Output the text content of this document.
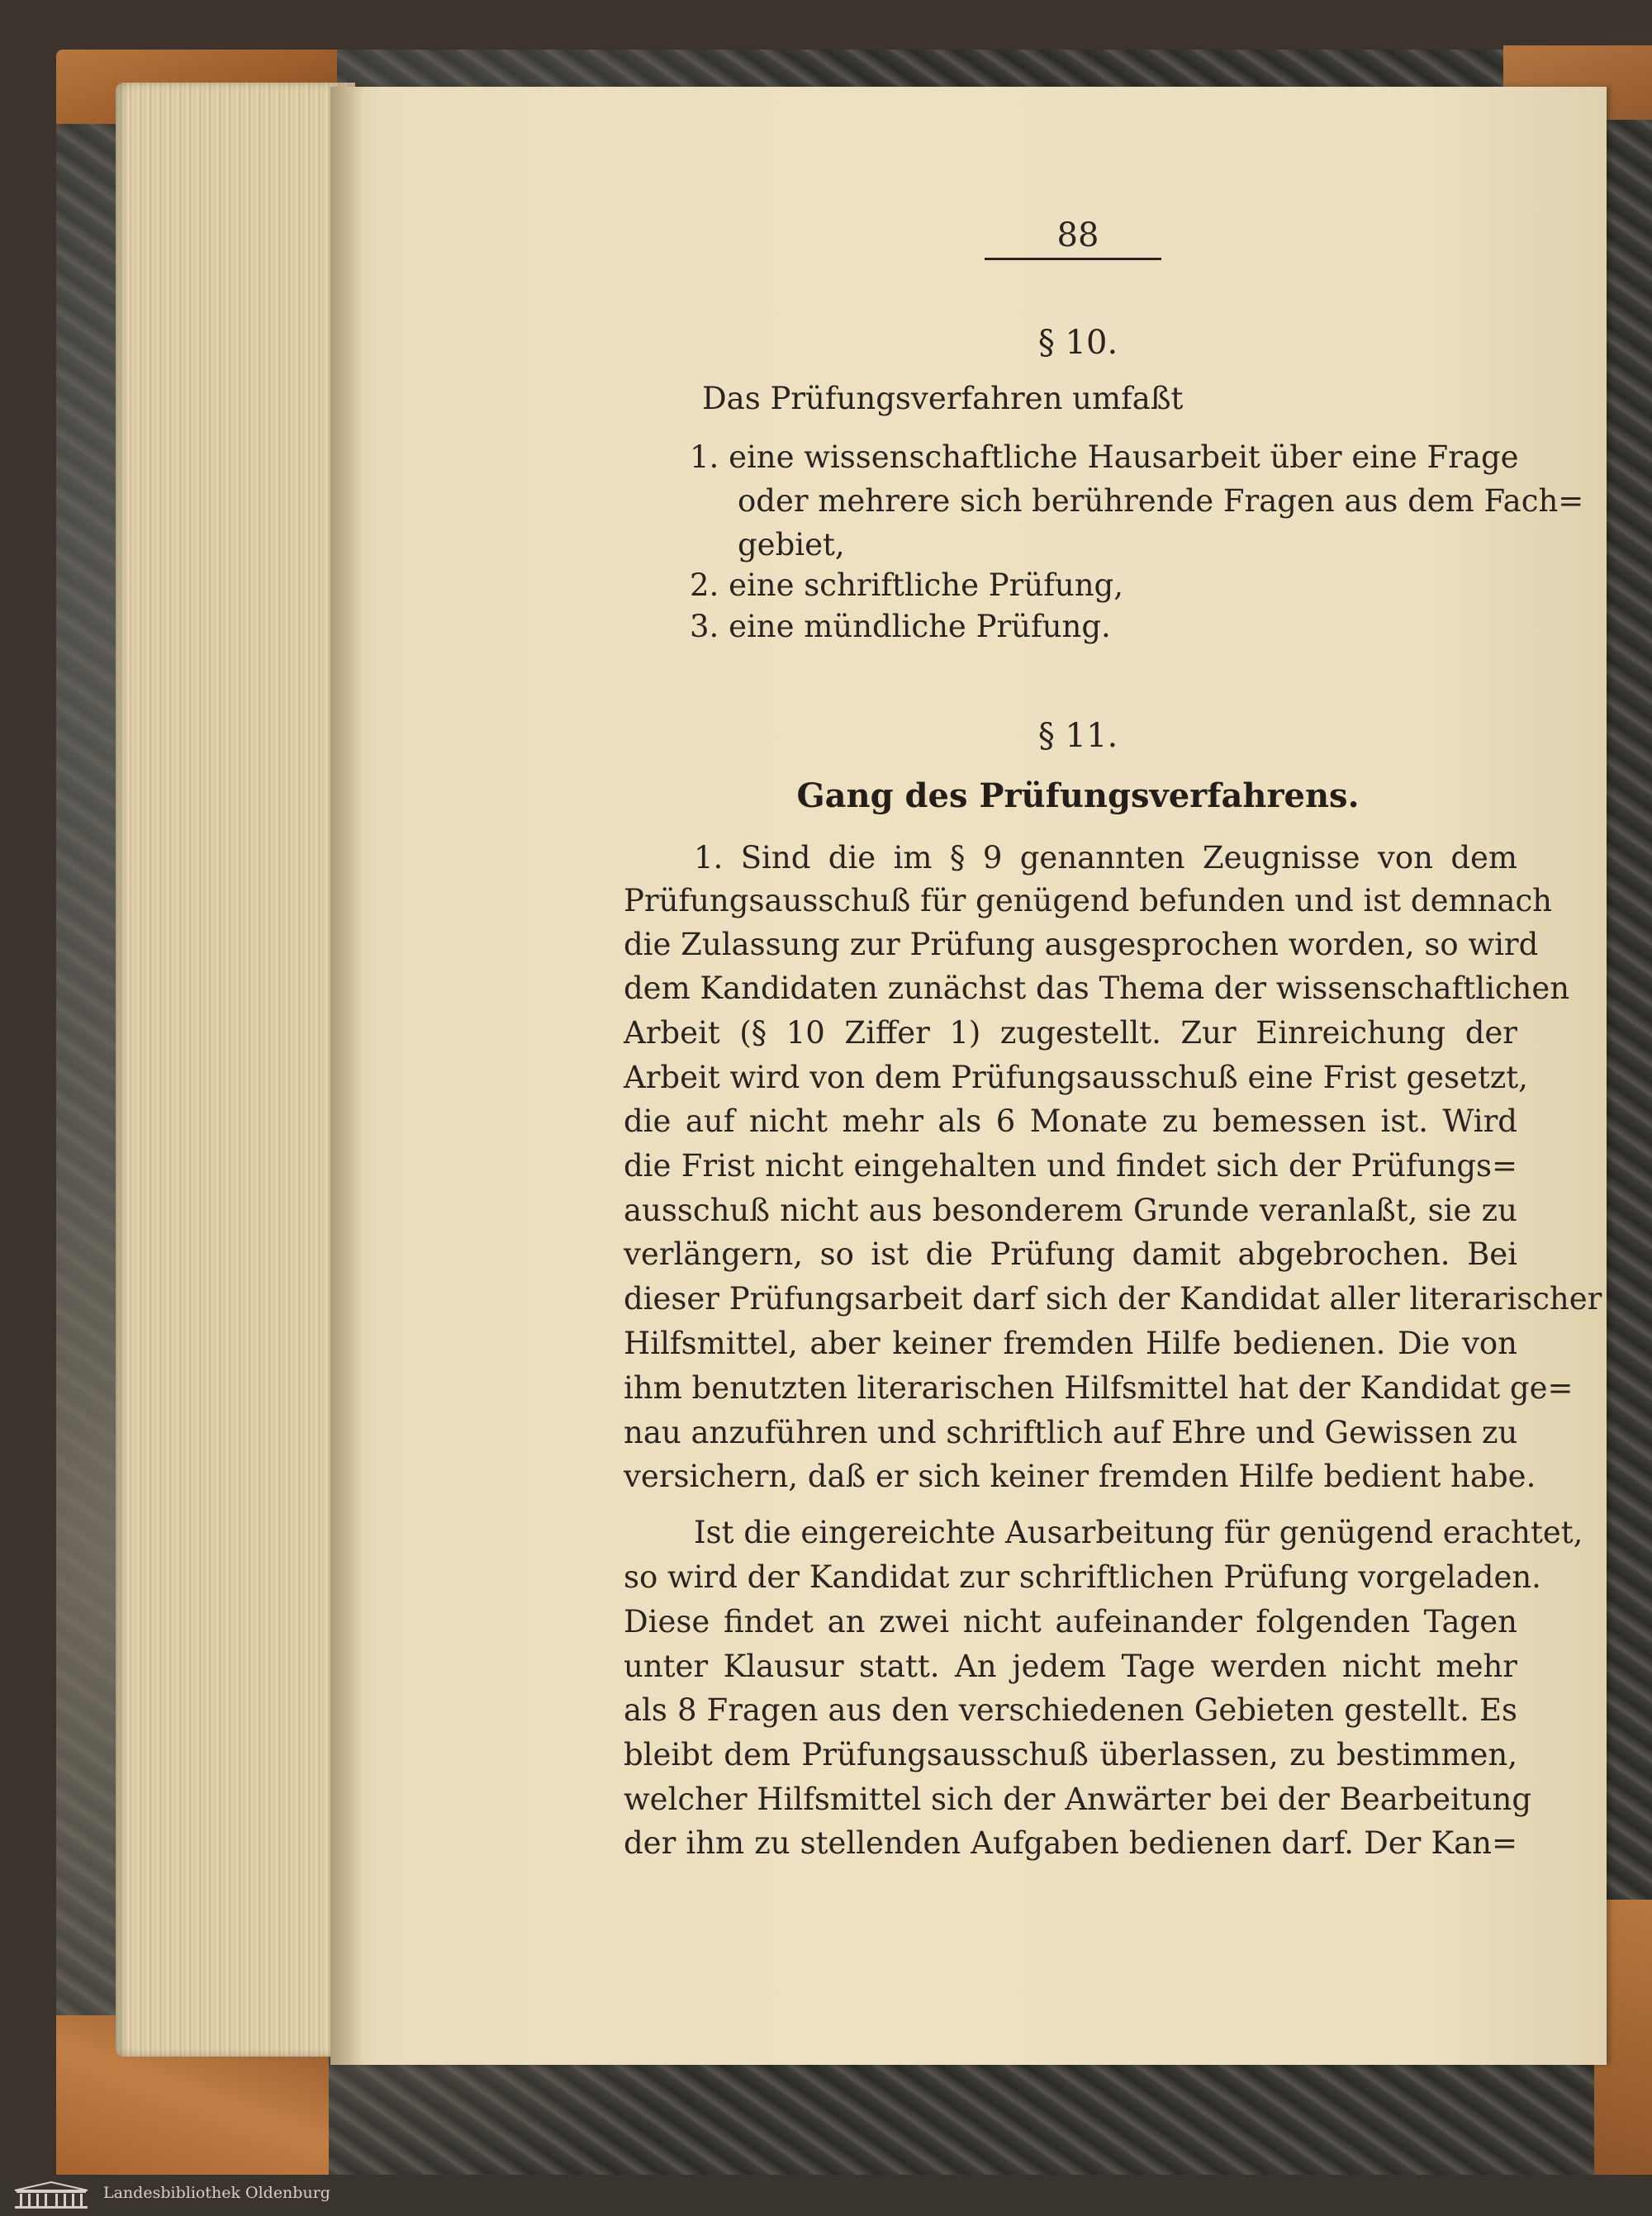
88
§ 10.
Das Prüfungsverfahren umfaßt
1. eine wissenschaftliche Hausarbeit über eine Frage
oder mehrere sich berührende Fragen aus dem Fach=
gebiet,
2. eine schriftliche Prüfung,
3. eine mündliche Prüfung.
§ 11.
Gang des Prüfungsverfahrens.
1. Sind die im § 9 genannten Zeugnisse von dem
Prüfungsausschuß für genügend befunden und ist demnach
die Zulassung zur Prüfung ausgesprochen worden, so wird
dem Kandidaten zunächst das Thema der wissenschaftlichen
Arbeit (§ 10 Ziffer 1) zugestellt. Zur Einreichung der
Arbeit wird von dem Prüfungsausschuß eine Frist gesetzt,
die auf nicht mehr als 6 Monate zu bemessen ist. Wird
die Frist nicht eingehalten und findet sich der Prüfungs=
ausschuß nicht aus besonderem Grunde veranlaßt, sie zu
verlängern, so ist die Prüfung damit abgebrochen. Bei
dieser Prüfungsarbeit darf sich der Kandidat aller literarischer
Hilfsmittel, aber keiner fremden Hilfe bedienen. Die von
ihm benutzten literarischen Hilfsmittel hat der Kandidat ge=
nau anzuführen und schriftlich auf Ehre und Gewissen zu
versichern, daß er sich keiner fremden Hilfe bedient habe.
Ist die eingereichte Ausarbeitung für genügend erachtet,
so wird der Kandidat zur schriftlichen Prüfung vorgeladen.
Diese findet an zwei nicht aufeinander folgenden Tagen
unter Klausur statt. An jedem Tage werden nicht mehr
als 8 Fragen aus den verschiedenen Gebieten gestellt. Es
bleibt dem Prüfungsausschuß überlassen, zu bestimmen,
welcher Hilfsmittel sich der Anwärter bei der Bearbeitung
der ihm zu stellenden Aufgaben bedienen darf. Der Kan=
Landesbibliothek Oldenburg
